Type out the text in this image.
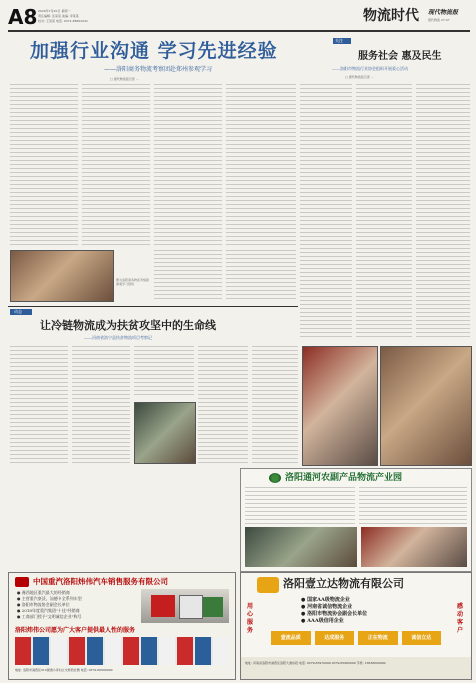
A8 2020年7月20日 星期一
责任编辑: 张某某 美编: 李某某
校对: 王某某 电话: 0371-65802241	物流时代 现代物流报
现代物流 27-07
加强行业沟通 学习先进经验
——洛阳商务物流考察团赴郑州参观学习
□ 现代物流报记者 ...
图为洛阳商务物流考察团参观学习现场
关注
服务社会 惠及民生
——洛阳市物流行业协会组织开展爱心活动
□ 现代物流报记者 ...
动态
让冷链物流成为扶贫攻坚中的生命线
——河南省洛宁县扶贫物流项目考察记
洛阳通河农副产品物流产业园
中国重汽洛阳炜伟汽车销售服务有限公司
● 豫西地区重汽最大的经销商
● 主营重汽豪沃、汕德卡全系列车型
● 洛阳市物流协会副会长单位
● 2018年度重汽集团"十佳"经销商
● 工商部门授予"文明诚信企业"称号
洛阳炜伟公司愿为广大客户提供最人性的服务
地址: 洛阳市涧西区310国道小李村立交桥西北侧 电话: 0379-60600000
洛阳壹立达物流有限公司
用心服务
感动客户
● 国家AA级物流企业
● 河南省诚信物流企业
● 洛阳市物流协会副会长单位
● AAA级信用企业
壹流品质	达成服务	正在物流	诚信立达
地址: 河南省洛阳市涧西区洛阳大道东段 电话: 0379-65970000 0379-65960000 手机: 13838000000
